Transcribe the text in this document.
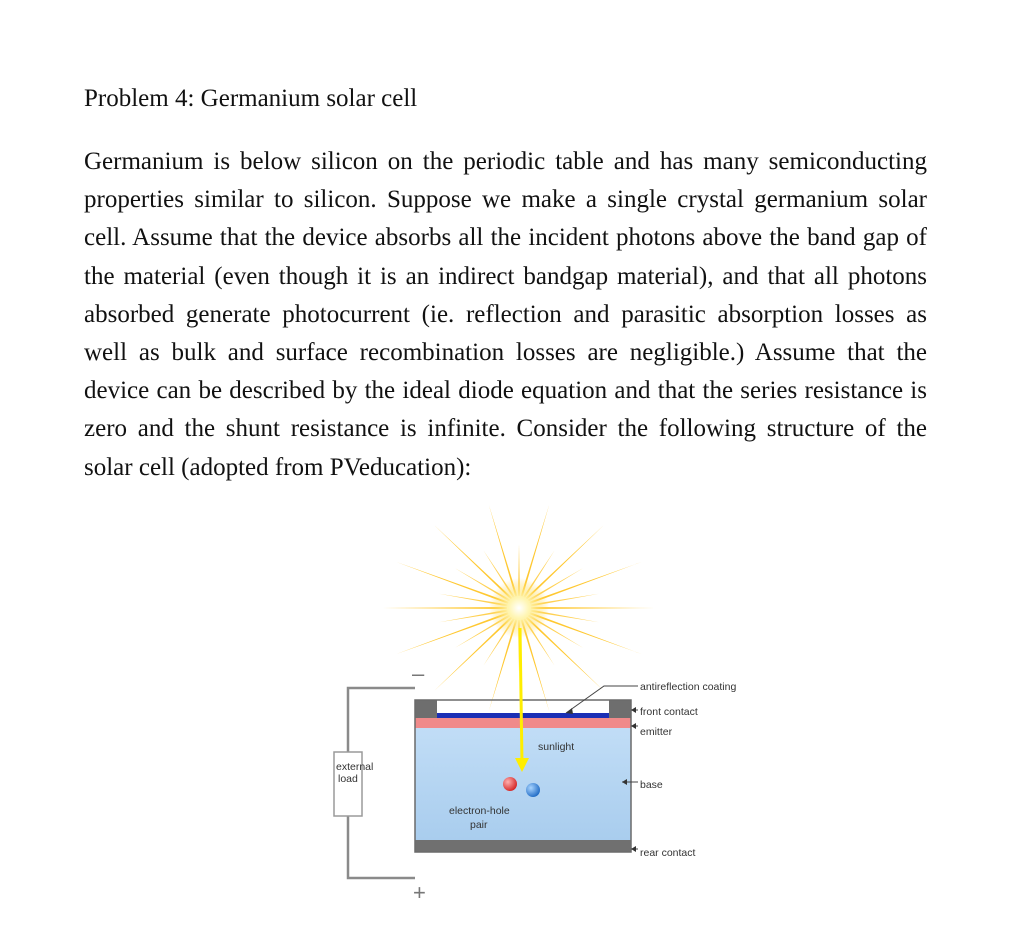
Problem 4: Germanium solar cell
Germanium is below silicon on the periodic table and has many semiconducting properties similar to silicon. Suppose we make a single crystal germanium solar cell. Assume that the device absorbs all the incident photons above the band gap of the material (even though it is an indirect bandgap material), and that all photons absorbed generate photocurrent (ie. reflection and parasitic absorption losses as well as bulk and surface recombination losses are negligible.) Assume that the device can be described by the ideal diode equation and that the series resistance is zero and the shunt resistance is infinite. Consider the following structure of the solar cell (adopted from PVeducation):
external
load
–
+
sunlight
electron-hole
pair
antireflection coating
front contact
emitter
base
rear contact
